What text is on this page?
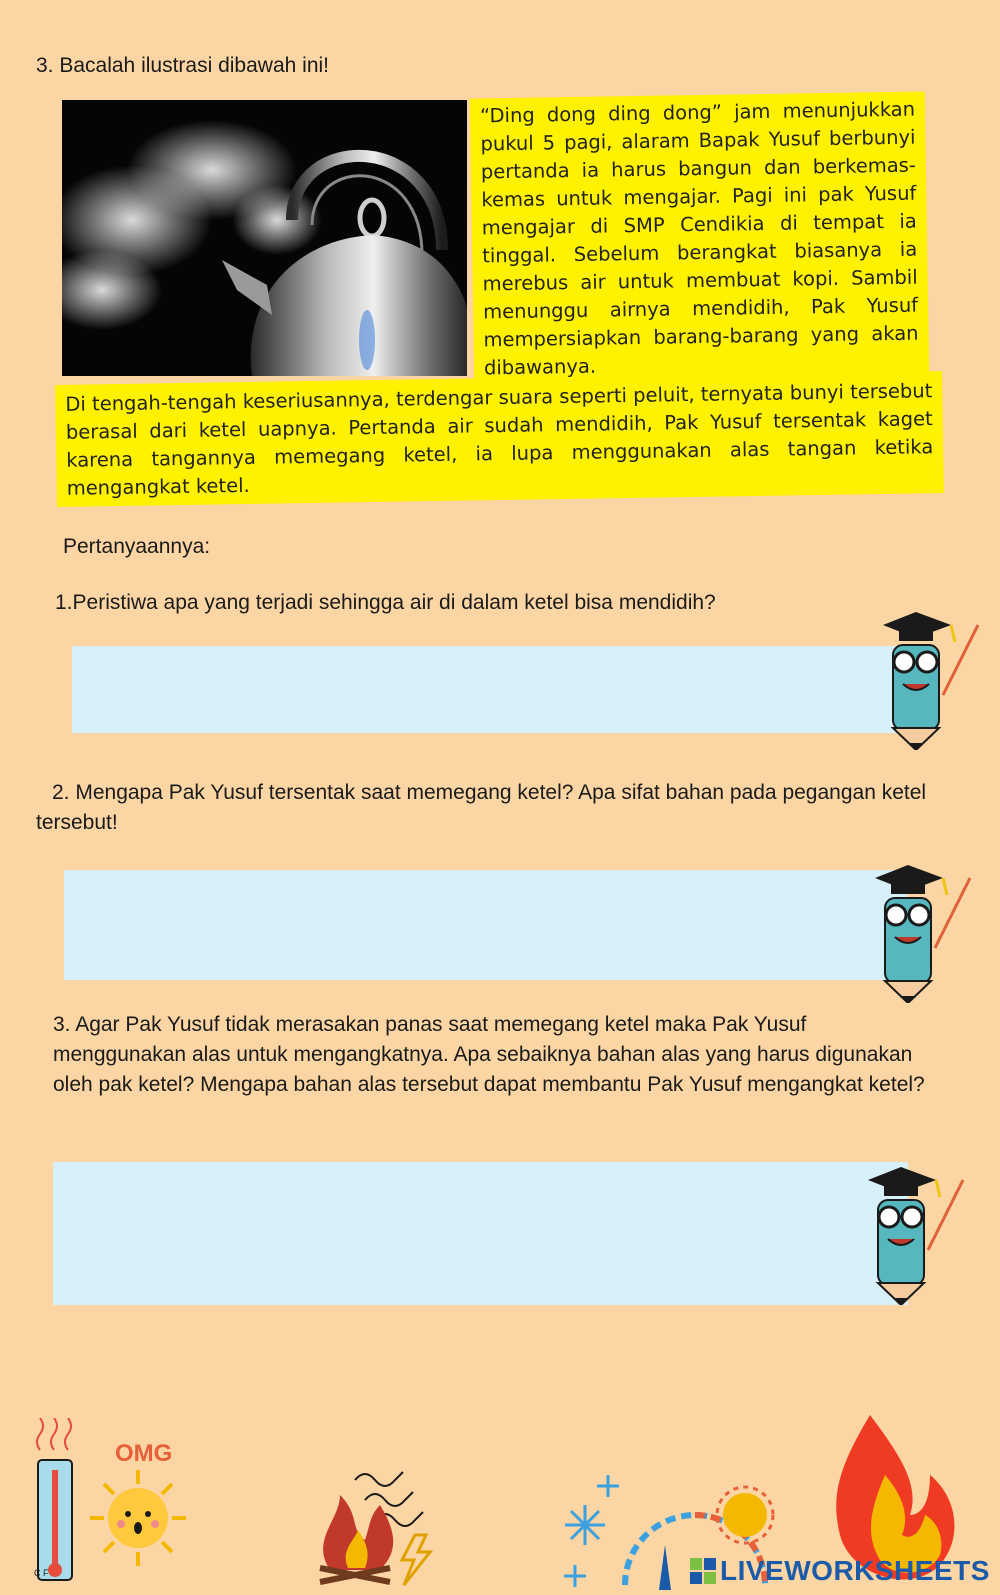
3. Bacalah ilustrasi dibawah ini!
“Ding dong ding dong” jam menunjukkan pukul 5 pagi, alaram Bapak Yusuf berbunyi pertanda ia harus bangun dan berkemas-kemas untuk mengajar. Pagi ini pak Yusuf mengajar di SMP Cendikia di tempat ia tinggal. Sebelum berangkat biasanya ia merebus air untuk membuat kopi. Sambil menunggu airnya mendidih, Pak Yusuf mempersiapkan barang-barang yang akan dibawanya.
Di tengah-tengah keseriusannya, terdengar suara seperti peluit, ternyata bunyi tersebut berasal dari ketel uapnya. Pertanda air sudah mendidih, Pak Yusuf tersentak kaget karena tangannya memegang ketel, ia lupa menggunakan alas tangan ketika mengangkat ketel.
Pertanyaannya:
1.Peristiwa apa yang terjadi sehingga air di dalam ketel bisa mendidih?
2. Mengapa Pak Yusuf tersentak saat memegang ketel? Apa sifat bahan pada pegangan ketel tersebut!
3. Agar Pak Yusuf tidak merasakan panas saat memegang ketel maka Pak Yusuf menggunakan alas untuk mengangkatnya. Apa sebaiknya bahan alas yang harus digunakan oleh pak ketel? Mengapa bahan alas tersebut dapat membantu Pak Yusuf mengangkat ketel?
C F
OMG
LIVEWORKSHEETS
